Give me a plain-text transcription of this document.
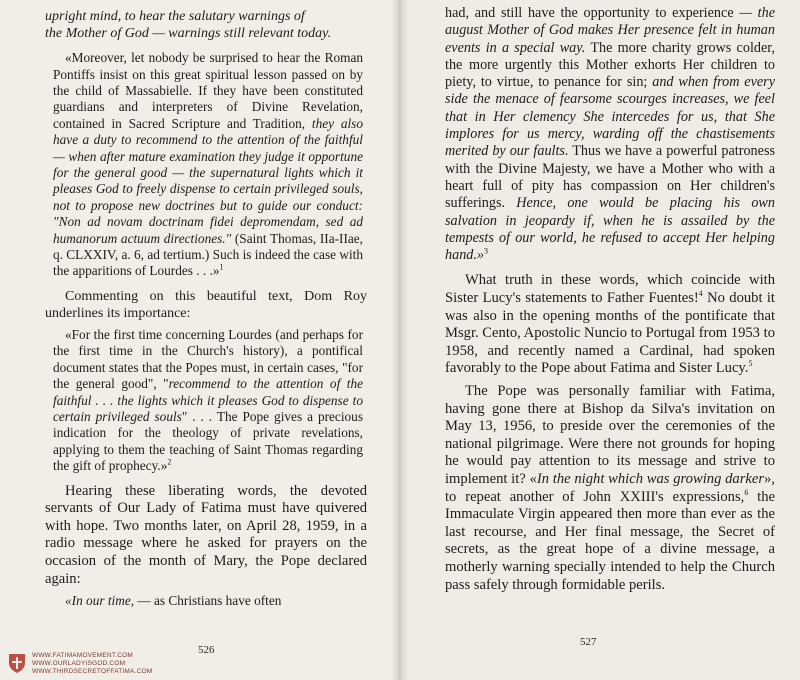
upright mind, to hear the salutary warnings of

the Mother of God — warnings still relevant today.

«Moreover, let nobody be surprised to hear the Roman Pontiffs insist on this great spiritual lesson passed on by the child of Massabielle. If they have been constituted guardians and interpreters of Divine Revelation, contained in Sacred Scripture and Tradition, they also have a duty to recommend to the attention of the faithful — when after mature examination they judge it opportune for the general good — the supernatural lights which it pleases God to freely dispense to certain privileged souls, not to propose new doctrines but to guide our conduct: "Non ad novam doctrinam fidei depromendam, sed ad humanorum actuum directiones." (Saint Thomas, IIa-IIae, q. CLXXIV, a. 6, ad tertium.) Such is indeed the case with the apparitions of Lourdes . . .»$^1$

Commenting on this beautiful text, Dom Roy underlines its importance:

«For the first time concerning Lourdes (and perhaps for the first time in the Church's history), a pontifical document states that the Popes must, in certain cases, "for the general good", "recommend to the attention of the faithful . . . the lights which it pleases God to dispense to certain privileged souls" . . . The Pope gives a precious indication for the theology of private revelations, applying to them the teaching of Saint Thomas regarding the gift of prophecy.»$^2$

Hearing these liberating words, the devoted servants of Our Lady of Fatima must have quivered with hope. Two months later, on April 28, 1959, in a radio message where he asked for prayers on the occasion of the month of Mary, the Pope declared again:

«In our time, — as Christians have often

526
WWW.FATIMAMOVEMENT.COM
WWW.OURLADYISGOD.COM
WWW.THIRDSECRETOFFATIMA.COM

had, and still have the opportunity to experience — the august Mother of God makes Her presence felt in human events in a special way. The more charity grows colder, the more urgently this Mother exhorts Her children to piety, to virtue, to penance for sin; and when from every side the menace of fearsome scourges increases, we feel that in Her clemency She intercedes for us, that She implores for us mercy, warding off the chastisements merited by our faults. Thus we have a powerful patroness with the Divine Majesty, we have a Mother who with a heart full of pity has compassion on Her children's sufferings. Hence, one would be placing his own salvation in jeopardy if, when he is assailed by the tempests of our world, he refused to accept Her helping hand.»$^3$

What truth in these words, which coincide with Sister Lucy's statements to Father Fuentes!$^4$ No doubt it was also in the opening months of the pontificate that Msgr. Cento, Apostolic Nuncio to Portugal from 1953 to 1958, and recently named a Cardinal, had spoken favorably to the Pope about Fatima and Sister Lucy.$^5$

The Pope was personally familiar with Fatima, having gone there at Bishop da Silva's invitation on May 13, 1956, to preside over the ceremonies of the national pilgrimage. Were there not grounds for hoping he would pay attention to its message and strive to implement it? «In the night which was growing darker», to repeat another of John XXIII's expressions,$^6$ the Immaculate Virgin appeared then more than ever as the last recourse, and Her final message, the Secret of secrets, as the great hope of a divine message, a motherly warning specially intended to help the Church pass safely through formidable perils.

527
